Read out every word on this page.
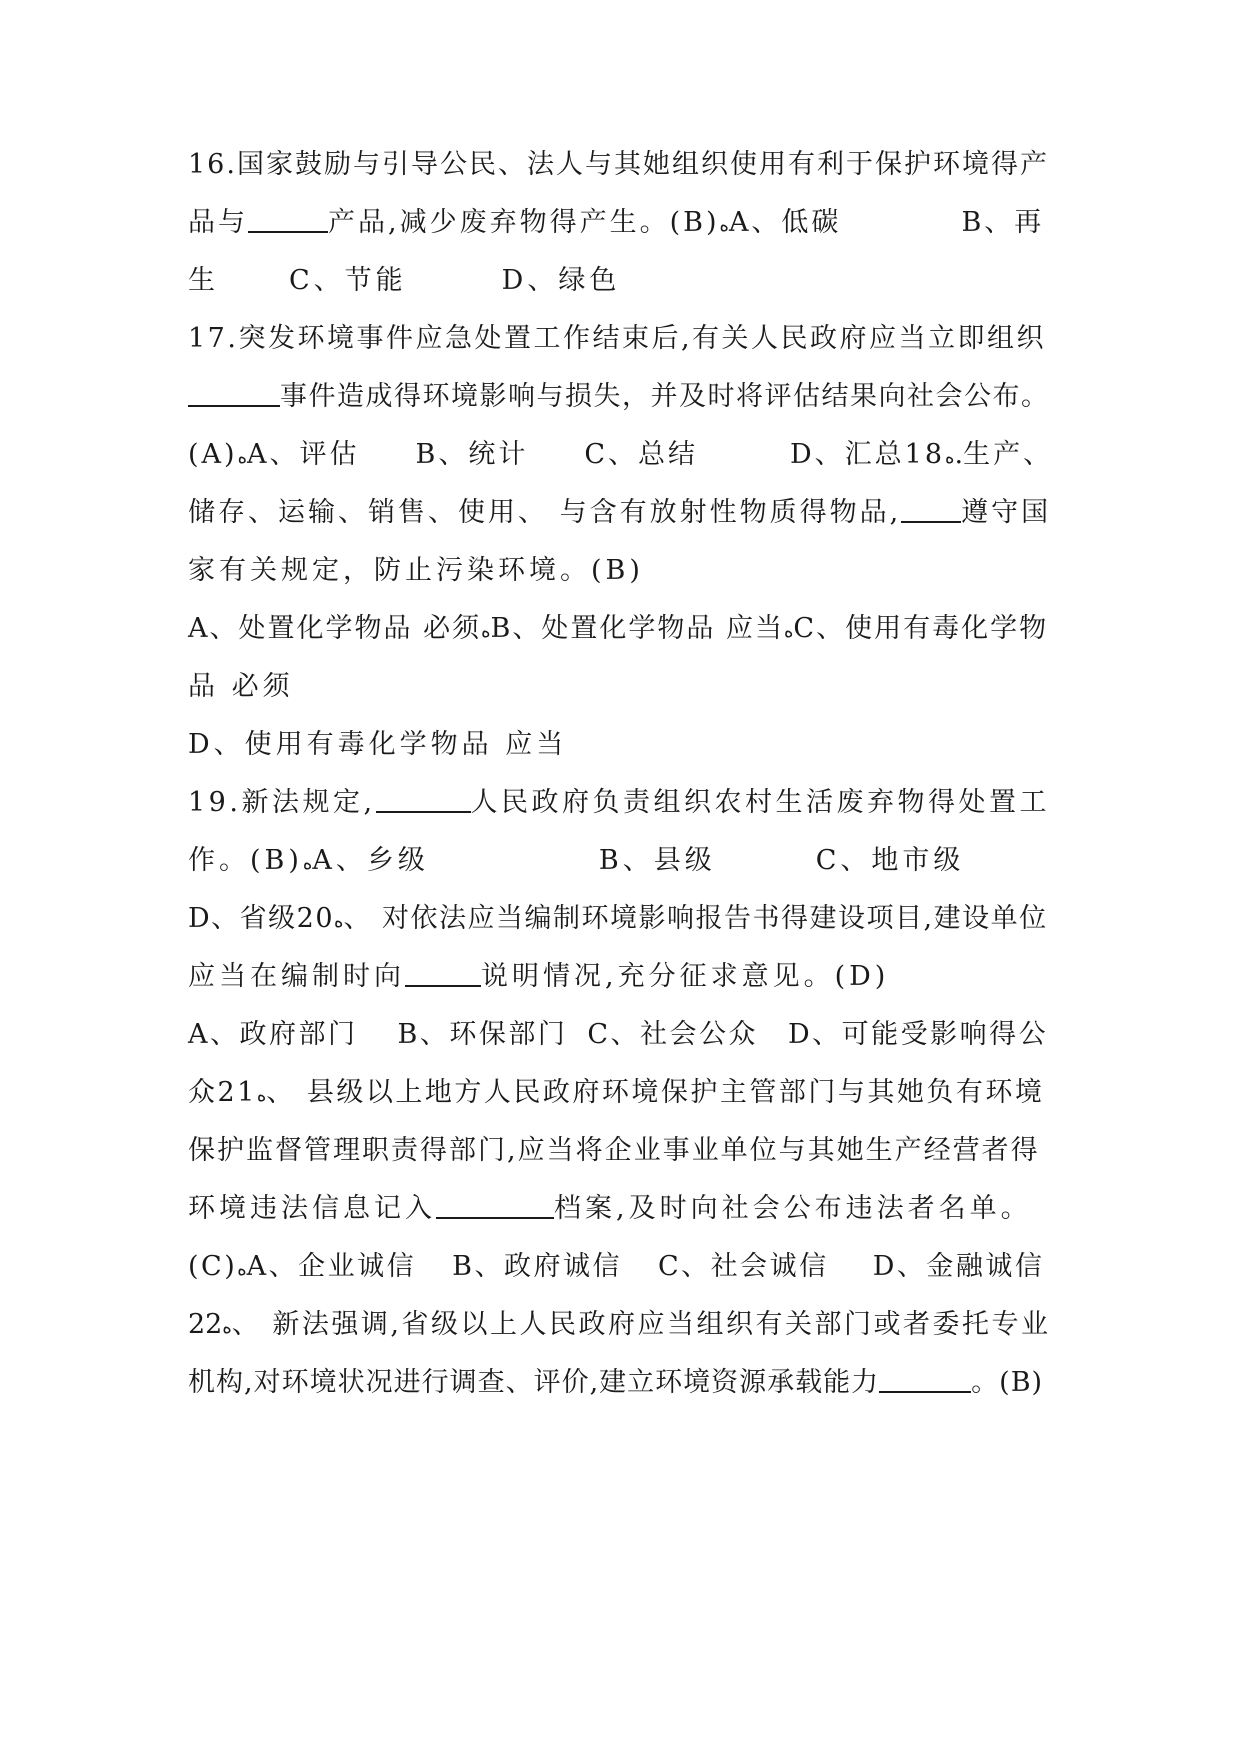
16.国家鼓励与引导公民、法人与其她组织使用有利于保护环境得产
品与	产品,减少废弃物得产生。(B)هA、低碳	B、再
生	C、节能	D、绿色
17.突发环境事件应急处置工作结束后,有关人民政府应当立即组织
事件造成得环境影响与损失，并及时将评估结果向社会公布。
(A)هA、评估 B、统计 C、总结	D、汇总18ه.生产、
储存、运输、销售、使用、 与含有放射性物质得物品, 遵守国
家有关规定，防止污染环境。(B)
A、处置化学物品 必须هB、处置化学物品 应当هC、使用有毒化学物
品 必须
D、使用有毒化学物品 应当
19.新法规定,	人民政府负责组织农村生活废弃物得处置工
作。(B)هA、乡级	B、县级	C、地市级
D、省级20ه、 对依法应当编制环境影响报告书得建设项目,建设单位
应当在编制时向	说明情况,充分征求意见。(D)
A、政府部门 B、环保部门 C、社会公众 D、可能受影响得公
众21ه、 县级以上地方人民政府环境保护主管部门与其她负有环境
保护监督管理职责得部门,应当将企业事业单位与其她生产经营者得
环境违法信息记入	档案,及时向社会公布违法者名单。
(C)هA、企业诚信 B、政府诚信 C、社会诚信 D、金融诚信
22ه、 新法强调,省级以上人民政府应当组织有关部门或者委托专业
机构,对环境状况进行调查、评价,建立环境资源承载能力	。(B)
